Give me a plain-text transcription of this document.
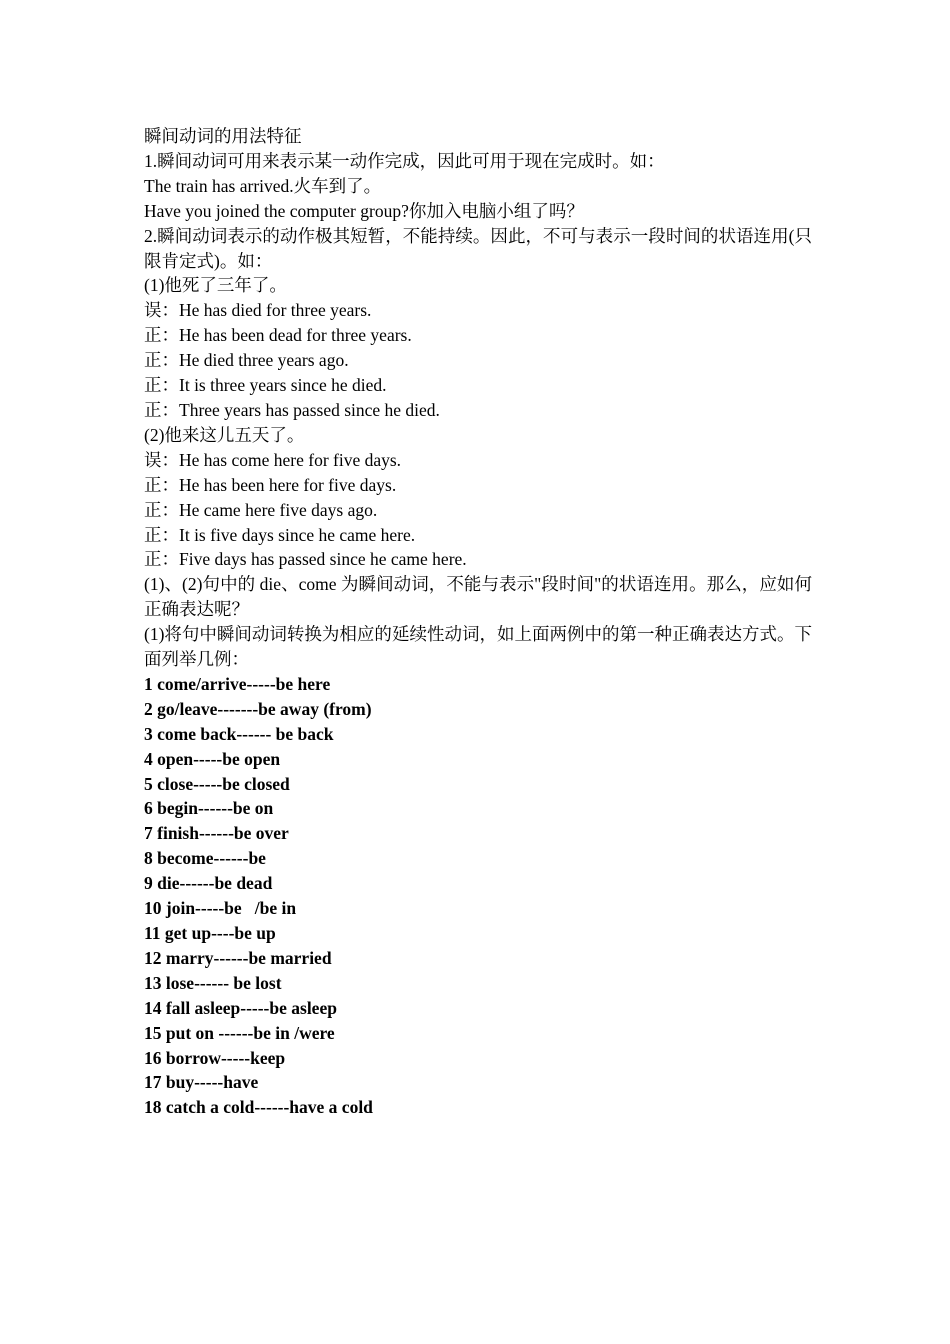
瞬间动词的用法特征
1.瞬间动词可用来表示某一动作完成，因此可用于现在完成时。如：
The train has arrived.火车到了。
Have you joined the computer group?你加入电脑小组了吗？
2.瞬间动词表示的动作极其短暂，不能持续。因此，不可与表示一段时间的状语连用(只限肯定式)。如：
(1)他死了三年了。
误：He has died for three years.
正：He has been dead for three years.
正：He died three years ago.
正：It is three years since he died.
正：Three years has passed since he died.
(2)他来这儿五天了。
误：He has come here for five days.
正：He has been here for five days.
正：He came here five days ago.
正：It is five days since he came here.
正：Five days has passed since he came here.
(1)、(2)句中的 die、come 为瞬间动词，不能与表示"段时间"的状语连用。那么，应如何正确表达呢？
(1)将句中瞬间动词转换为相应的延续性动词，如上面两例中的第一种正确表达方式。下面列举几例：
1 come/arrive-----be here
2 go/leave-------be away (from)
3 come back------ be back
4 open-----be open
5 close-----be closed
6 begin------be on
7 finish------be over
8 become------be
9 die------be dead
10 join-----be   /be in
11 get up----be up
12 marry------be married
13 lose------ be lost
14 fall asleep-----be asleep
15 put on ------be in /were
16 borrow-----keep
17 buy-----have
18 catch a cold------have a cold
